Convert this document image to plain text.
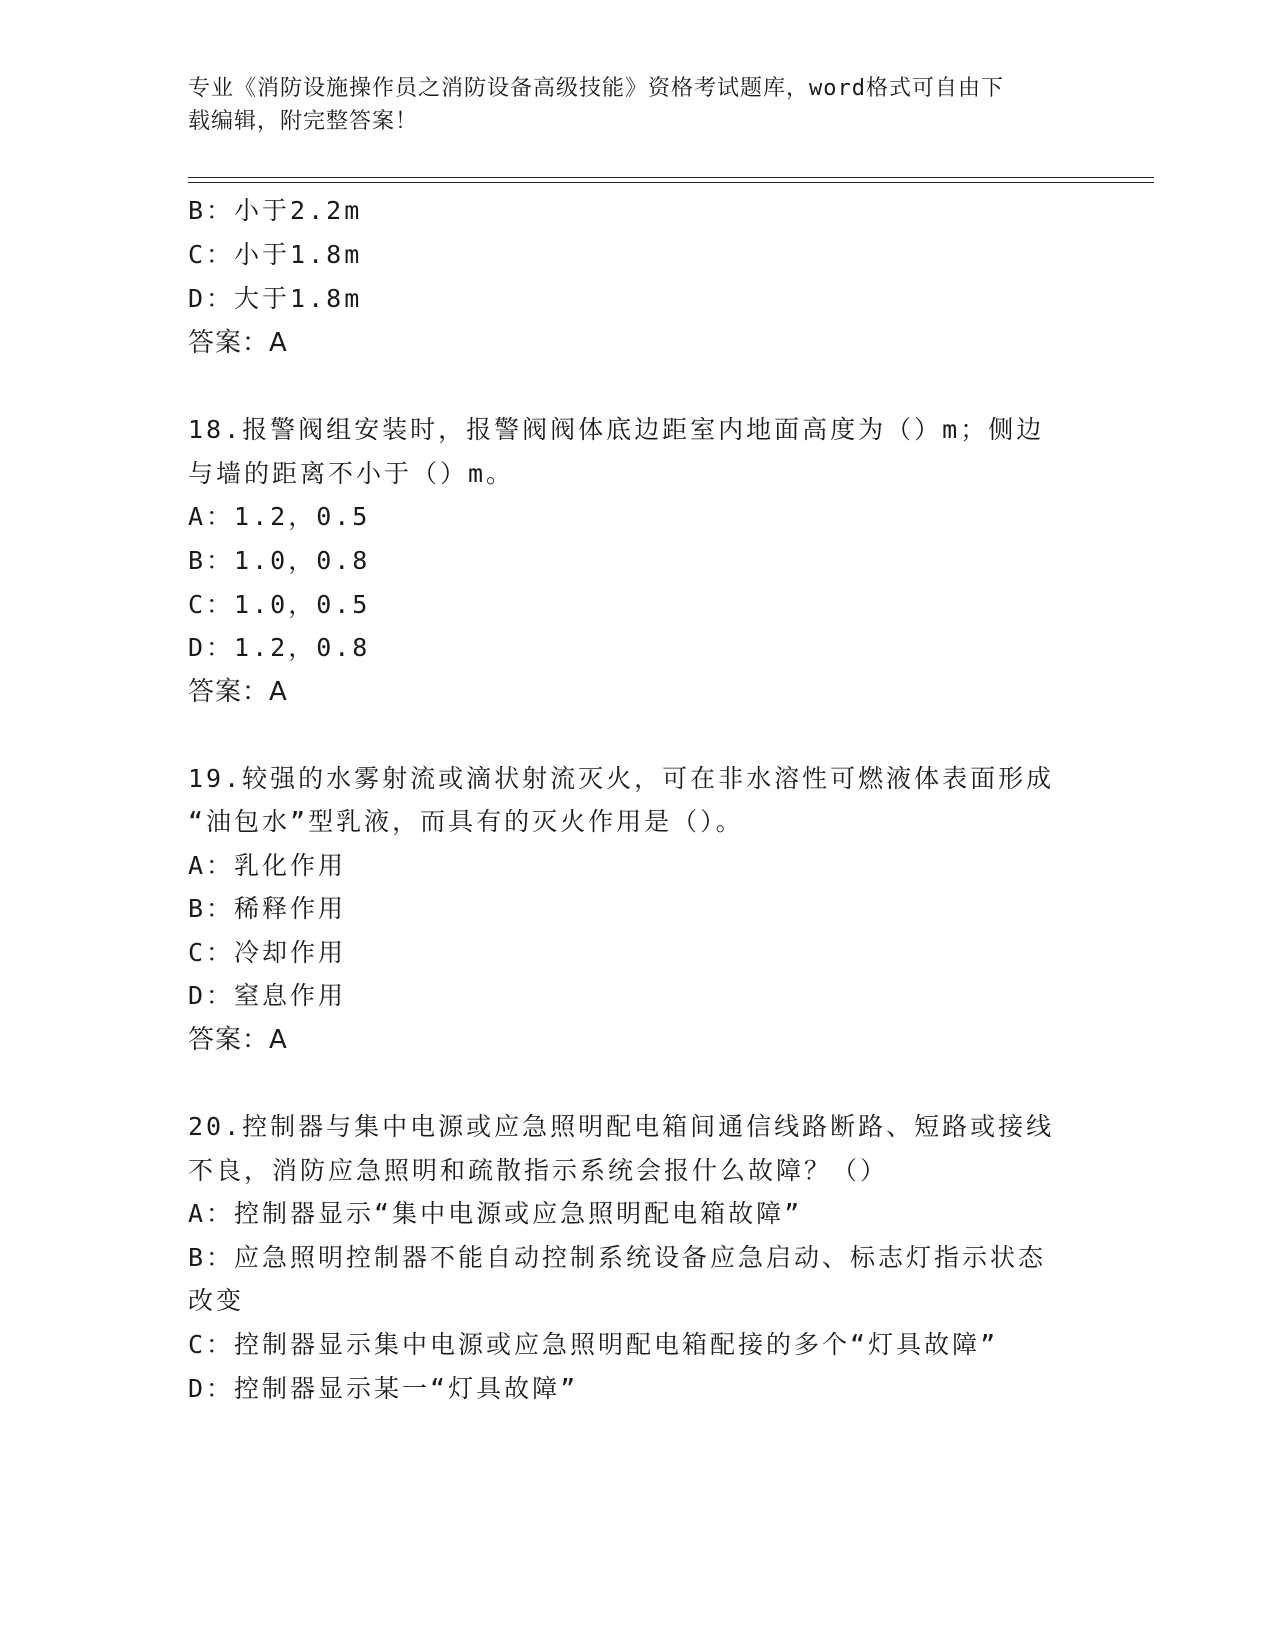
专业《消防设施操作员之消防设备高级技能》资格考试题库，word格式可自由下
载编辑，附完整答案！
B：小于2.2m
C：小于1.8m
D：大于1.8m
答案：A
18.报警阀组安装时，报警阀阀体底边距室内地面高度为（）m；侧边
与墙的距离不小于（）m。
A：1.2，0.5
B：1.0，0.8
C：1.0，0.5
D：1.2，0.8
答案：A
19.较强的水雾射流或滴状射流灭火，可在非水溶性可燃液体表面形成
“油包水”型乳液，而具有的灭火作用是（）。
A：乳化作用
B：稀释作用
C：冷却作用
D：窒息作用
答案：A
20.控制器与集中电源或应急照明配电箱间通信线路断路、短路或接线
不良，消防应急照明和疏散指示系统会报什么故障？（）
A：控制器显示“集中电源或应急照明配电箱故障”
B：应急照明控制器不能自动控制系统设备应急启动、标志灯指示状态
改变
C：控制器显示集中电源或应急照明配电箱配接的多个“灯具故障”
D：控制器显示某一“灯具故障”
